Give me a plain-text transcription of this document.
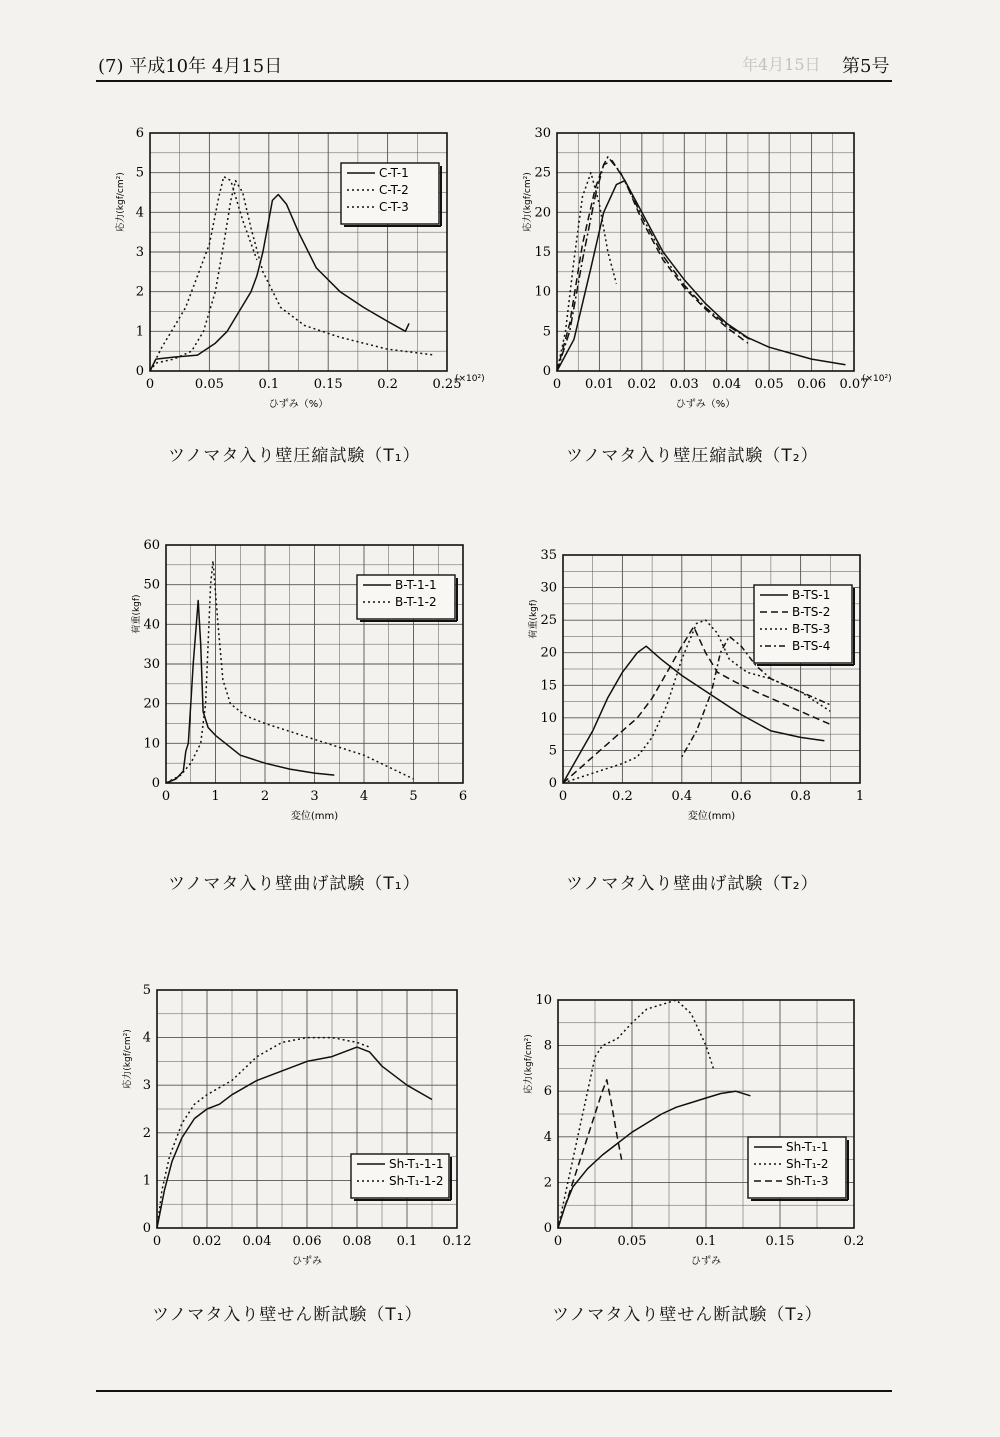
(7) 平成10年 4月15日	年4月15日 第5号
0	0.05	0.1	0.15	0.2	0.25
0
1
2
3
4
5
6
ひずみ（%）
応力(kgf/cm²)
(×10²)
C-T-1
C-T-2
C-T-3
0 0.01 0.02 0.03 0.04 0.05 0.06 0.07
0
5
10
15
20
25
30
ひずみ（%）
応力(kgf/cm²)
(×10²)
0	1	2	3	4	5	6
0
10
20
30
40
50
60
変位(mm)
荷重(kgf)
B-T-1-1
B-T-1-2
0	0.2	0.4	0.6	0.8	1
0
5
10
15
20
25
30
35
変位(mm)
荷重(kgf)
B-TS-1
B-TS-2
B-TS-3
B-TS-4
0 0.02 0.04 0.06 0.08 0.1 0.12
0
1
2
3
4
5
ひずみ
応力(kgf/cm²)
Sh-T₁-1-1
Sh-T₁-1-2
0	0.05	0.1	0.15	0.2
0
2
4
6
8
10
ひずみ
応力(kgf/cm²)
Sh-T₁-1
Sh-T₁-2
Sh-T₁-3
ツノマタ入り壁圧縮試験（T₁）	ツノマタ入り壁圧縮試験（T₂）
ツノマタ入り壁曲げ試験（T₁）	ツノマタ入り壁曲げ試験（T₂）
ツノマタ入り壁せん断試験（T₁）	ツノマタ入り壁せん断試験（T₂）
